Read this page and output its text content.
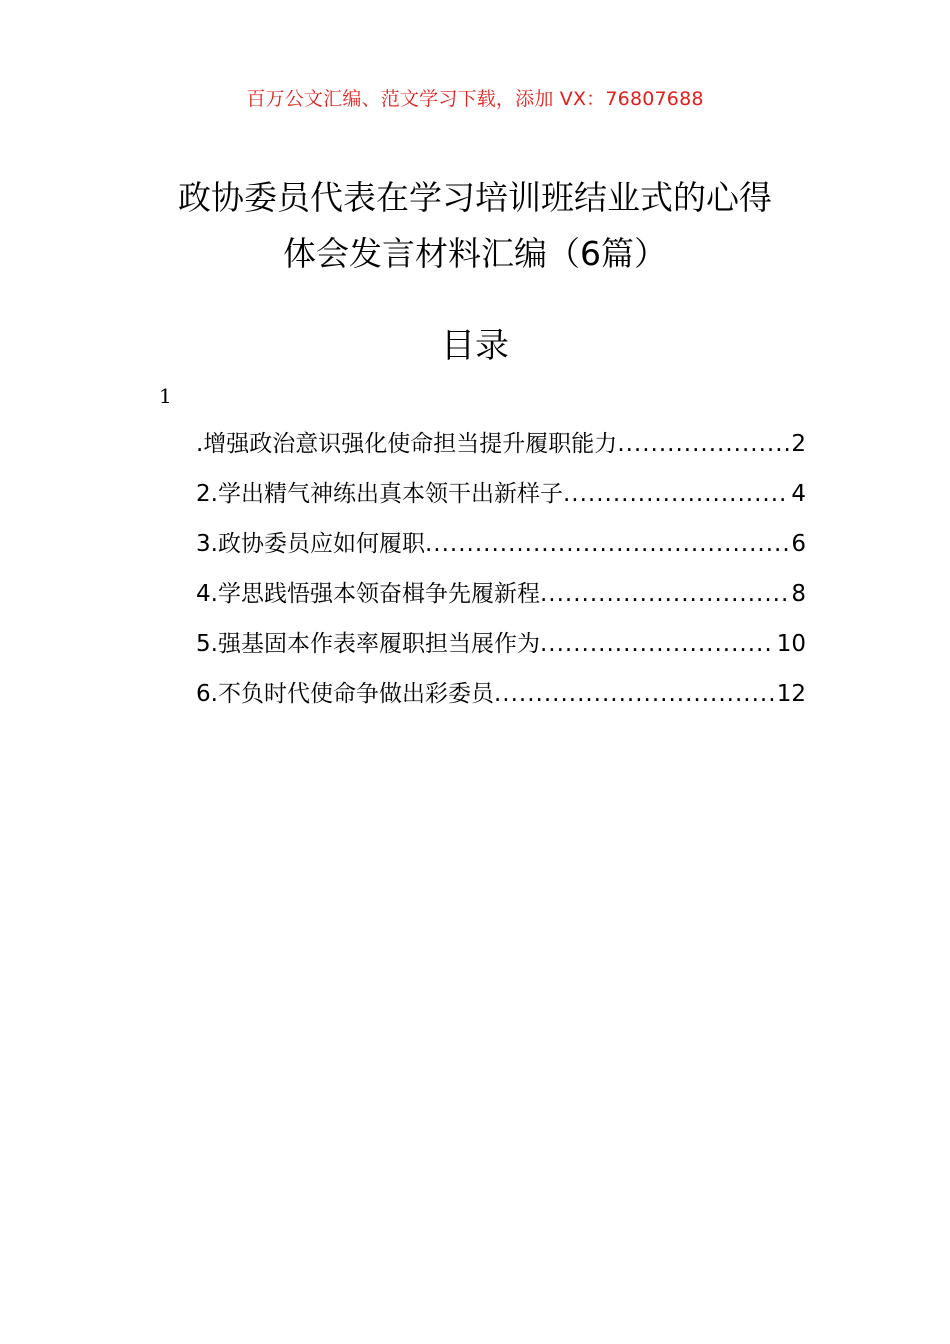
百万公文汇编、范文学习下载，添加 VX：76807688
政协委员代表在学习培训班结业式的心得
体会发言材料汇编（6篇）
目录
1
.增强政治意识强化使命担当提升履职能力 .....	2
2.学出精气神练出真本领干出新样子 .....	4
3.政协委员应如何履职 .....	6
4.学思践悟强本领奋楫争先履新程 .....	8
5.强基固本作表率履职担当展作为 .....	10
6.不负时代使命争做出彩委员 .....	12
